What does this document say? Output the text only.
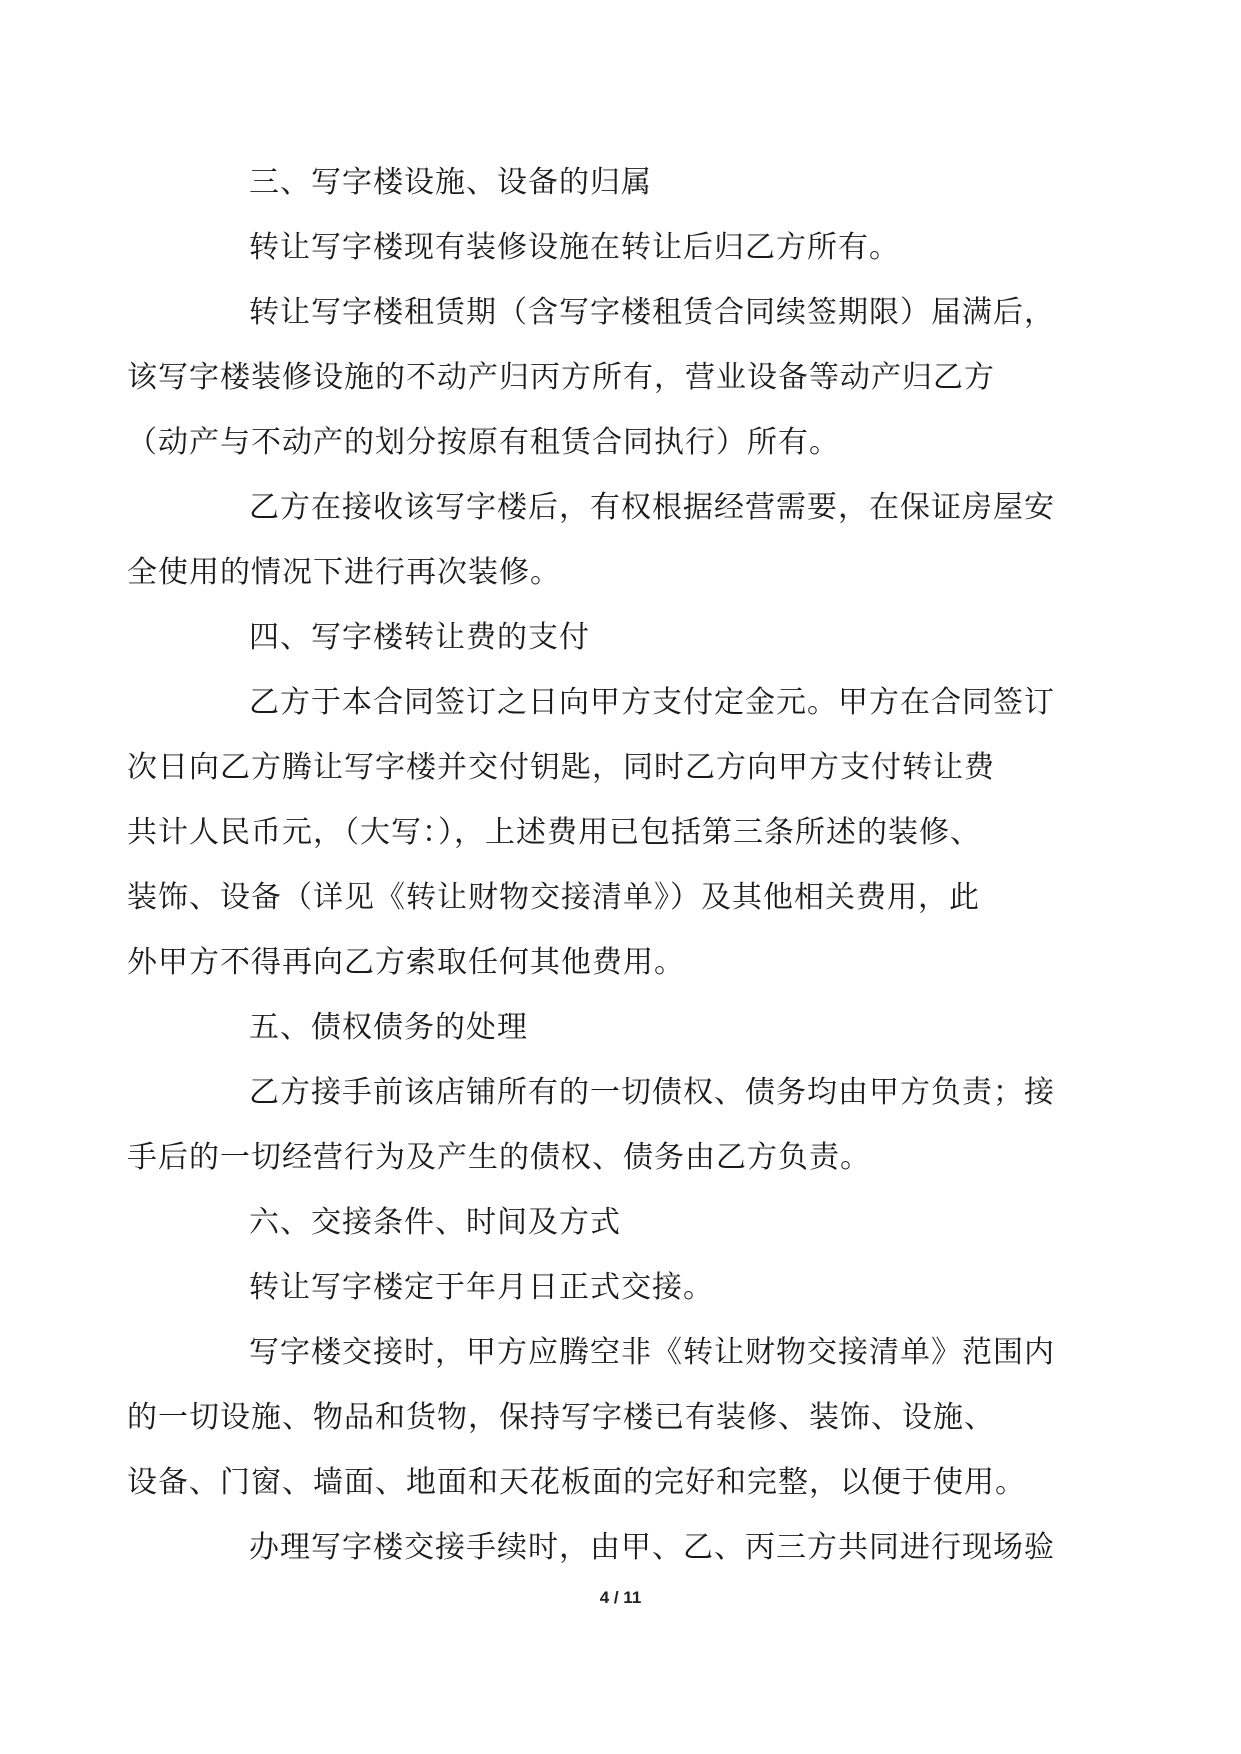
三、写字楼设施、设备的归属

转让写字楼现有装修设施在转让后归乙方所有。

转让写字楼租赁期（含写字楼租赁合同续签期限）届满后，
该写字楼装修设施的不动产归丙方所有，营业设备等动产归乙方
（动产与不动产的划分按原有租赁合同执行）所有。

乙方在接收该写字楼后，有权根据经营需要，在保证房屋安
全使用的情况下进行再次装修。

四、写字楼转让费的支付

乙方于本合同签订之日向甲方支付定金元。甲方在合同签订
次日向乙方腾让写字楼并交付钥匙，同时乙方向甲方支付转让费
共计人民币元，（大写：），上述费用已包括第三条所述的装修、
装饰、设备（详见《转让财物交接清单》）及其他相关费用，此
外甲方不得再向乙方索取任何其他费用。

五、债权债务的处理

乙方接手前该店铺所有的一切债权、债务均由甲方负责；接
手后的一切经营行为及产生的债权、债务由乙方负责。

六、交接条件、时间及方式

转让写字楼定于年月日正式交接。

写字楼交接时，甲方应腾空非《转让财物交接清单》范围内
的一切设施、物品和货物，保持写字楼已有装修、装饰、设施、
设备、门窗、墙面、地面和天花板面的完好和完整，以便于使用。

办理写字楼交接手续时，由甲、乙、丙三方共同进行现场验

4 / 11
